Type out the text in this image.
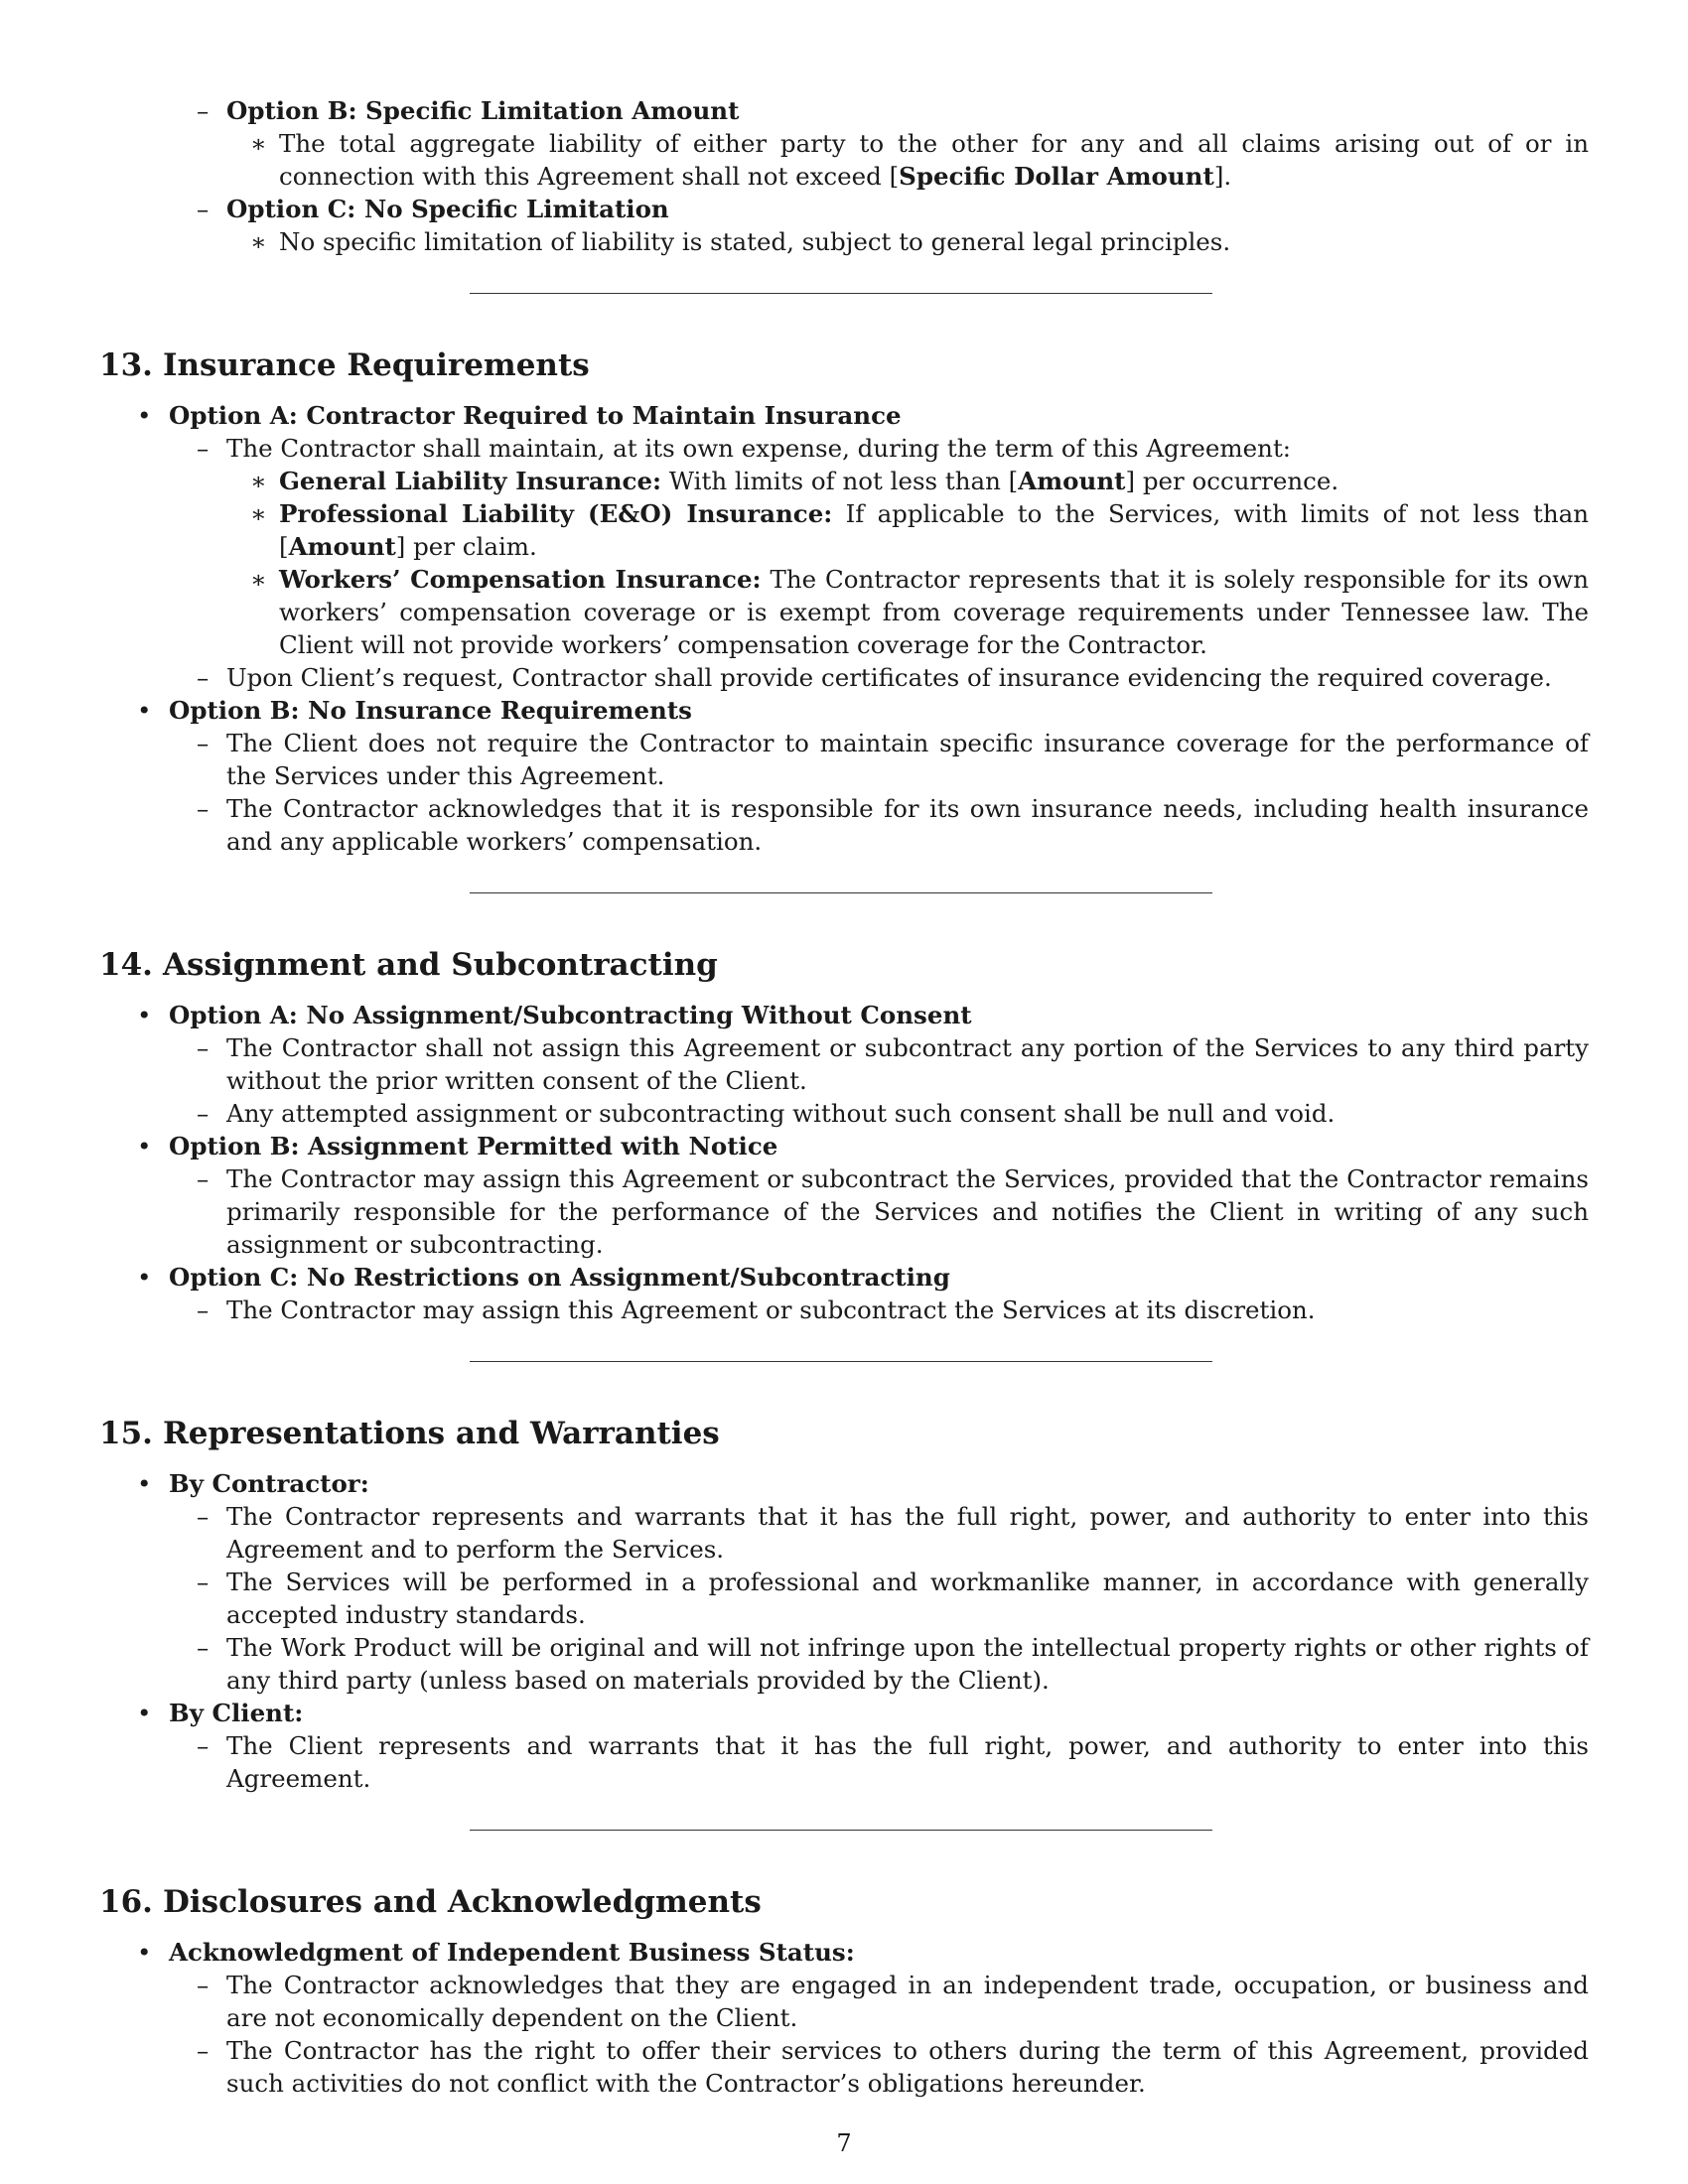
– Option B: Specific Limitation Amount
∗ The total aggregate liability of either party to the other for any and all claims arising out of or in connection with this Agreement shall not exceed [Specific Dollar Amount].
– Option C: No Specific Limitation
∗ No specific limitation of liability is stated, subject to general legal principles.
13. Insurance Requirements
• Option A: Contractor Required to Maintain Insurance
– The Contractor shall maintain, at its own expense, during the term of this Agreement:
∗ General Liability Insurance: With limits of not less than [Amount] per occurrence.
∗ Professional Liability (E&O) Insurance: If applicable to the Services, with limits of not less than [Amount] per claim.
∗ Workers’ Compensation Insurance: The Contractor represents that it is solely responsible for its own workers’ compensation coverage or is exempt from coverage requirements under Tennessee law. The Client will not provide workers’ compensation coverage for the Contractor.
– Upon Client’s request, Contractor shall provide certificates of insurance evidencing the required coverage.
• Option B: No Insurance Requirements
– The Client does not require the Contractor to maintain specific insurance coverage for the performance of the Services under this Agreement.
– The Contractor acknowledges that it is responsible for its own insurance needs, including health insurance and any applicable workers’ compensation.
14. Assignment and Subcontracting
• Option A: No Assignment/Subcontracting Without Consent
– The Contractor shall not assign this Agreement or subcontract any portion of the Services to any third party without the prior written consent of the Client.
– Any attempted assignment or subcontracting without such consent shall be null and void.
• Option B: Assignment Permitted with Notice
– The Contractor may assign this Agreement or subcontract the Services, provided that the Contractor remains primarily responsible for the performance of the Services and notifies the Client in writing of any such assignment or subcontracting.
• Option C: No Restrictions on Assignment/Subcontracting
– The Contractor may assign this Agreement or subcontract the Services at its discretion.
15. Representations and Warranties
• By Contractor:
– The Contractor represents and warrants that it has the full right, power, and authority to enter into this Agreement and to perform the Services.
– The Services will be performed in a professional and workmanlike manner, in accordance with generally accepted industry standards.
– The Work Product will be original and will not infringe upon the intellectual property rights or other rights of any third party (unless based on materials provided by the Client).
• By Client:
– The Client represents and warrants that it has the full right, power, and authority to enter into this Agreement.
16. Disclosures and Acknowledgments
• Acknowledgment of Independent Business Status:
– The Contractor acknowledges that they are engaged in an independent trade, occupation, or business and are not economically dependent on the Client.
– The Contractor has the right to offer their services to others during the term of this Agreement, provided such activities do not conflict with the Contractor’s obligations hereunder.
7
